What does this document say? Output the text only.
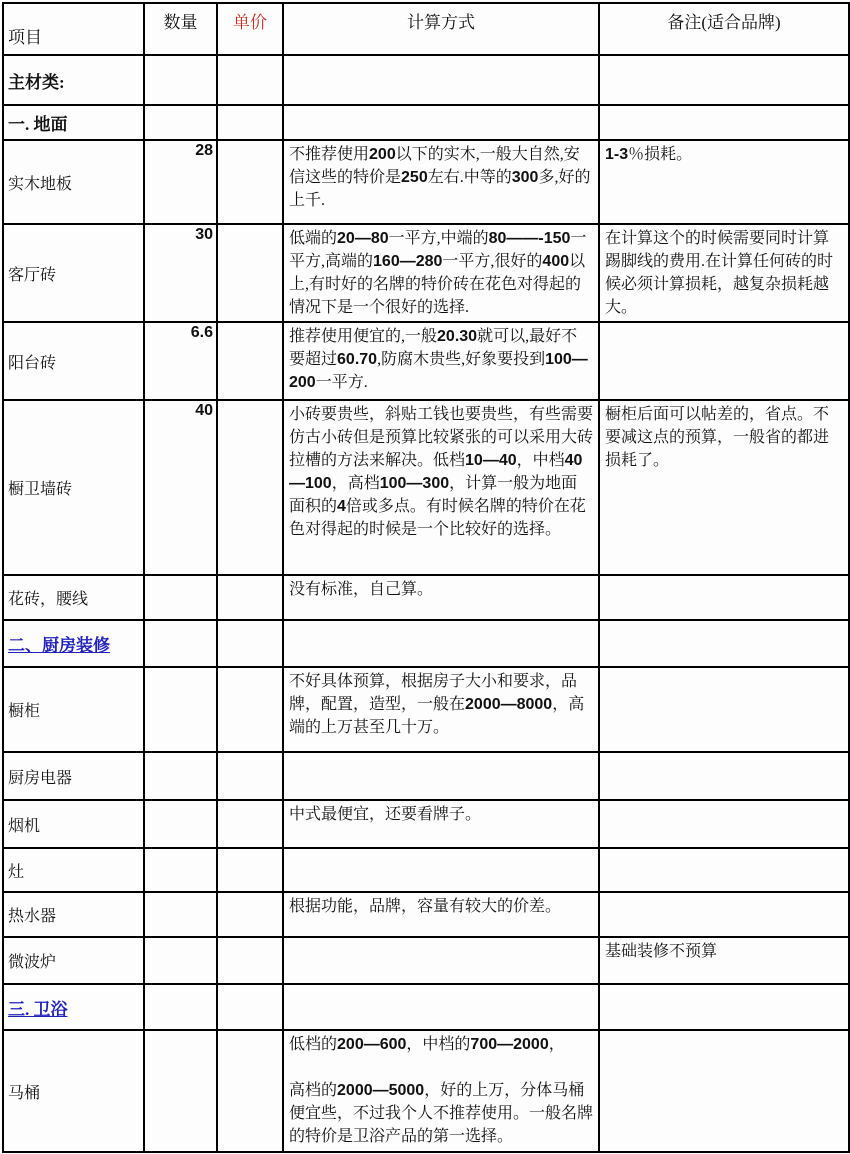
项目	数量	单价	计算方式	备注(适合品牌)
主材类:				
一. 地面				
实木地板	28		不推荐使用200以下的实木,一般大自然,安信这些的特价是250左右.中等的300多,好的上千.	1-3％损耗。

客厅砖	30		低端的20—80一平方,中端的80——-150一平方,高端的160—280一平方,很好的400以上,有时好的名牌的特价砖在花色对得起的情况下是一个很好的选择.	在计算这个的时候需要同时计算踢脚线的费用.在计算任何砖的时候必须计算损耗，越复杂损耗越大。

阳台砖	6.6		推荐使用便宜的,一般20.30就可以,最好不要超过60.70,防腐木贵些,好象要投到100—200一平方.	

橱卫墙砖	40		小砖要贵些，斜贴工钱也要贵些，有些需要仿古小砖但是预算比较紧张的可以采用大砖拉槽的方法来解决。低档10—40，中档40—100，高档100—300，计算一般为地面面积的4倍或多点。有时候名牌的特价在花色对得起的时候是一个比较好的选择。	橱柜后面可以帖差的，省点。不要减这点的预算，一般省的都进损耗了。

花砖，腰线			没有标准，自己算。	

二、厨房装修				
橱柜			不好具体预算，根据房子大小和要求，品牌，配置，造型，一般在2000—8000，高端的上万甚至几十万。	

厨房电器				
烟机			中式最便宜，还要看牌子。	

灶				
热水器			根据功能，品牌，容量有较大的价差。	

微波炉				基础装修不预算

三. 卫浴				
马桶			低档的200—600，中档的700—2000，
高档的2000—5000，好的上万，分体马桶便宜些，不过我个人不推荐使用。一般名牌的特价是卫浴产品的第一选择。	
